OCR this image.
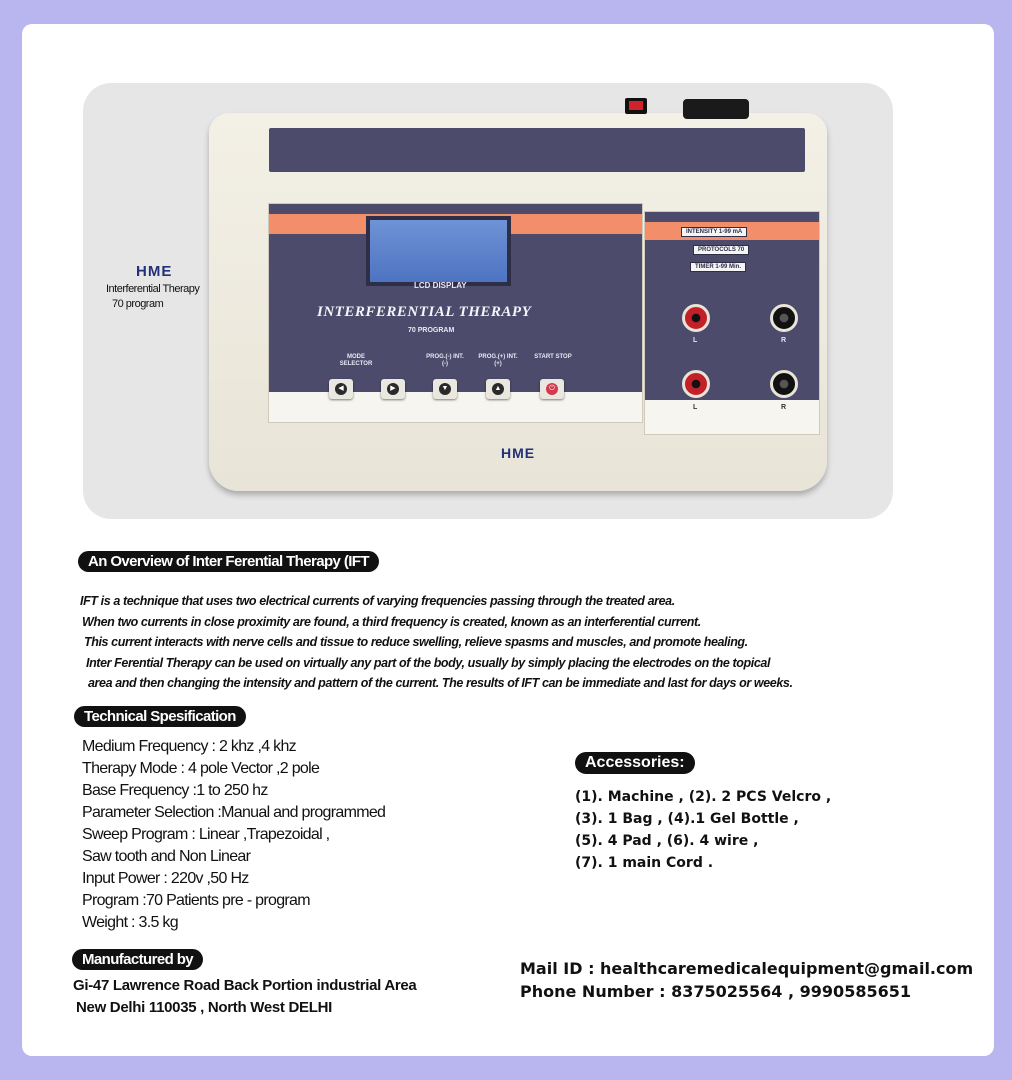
LCD DISPLAY
INTERFERENTIAL THERAPY
70 PROGRAM
MODE SELECTOR
PROG.(-) INT. (-)
PROG.(+) INT. (+)
START STOP
◀	▶	▼	▲	⏻
INTENSITY 1-99 mA
PROTOCOLS 70
TIMER 1-99 Min.
L	R
L	R
HME
HME
Interferential Therapy
70 program
An Overview of Inter Ferential Therapy (IFT
IFT is a technique that uses two electrical currents of varying frequencies passing through the treated area.
When two currents in close proximity are found, a third frequency is created, known as an interferential current.
This current interacts with nerve cells and tissue to reduce swelling, relieve spasms and muscles, and promote healing.
Inter Ferential Therapy can be used on virtually any part of the body, usually by simply placing the electrodes on the topical
area and then changing the intensity and pattern of the current. The results of IFT can be immediate and last for days or weeks.
Technical Spesification
Medium Frequency : 2 khz ,4 khz
Therapy Mode : 4 pole Vector ,2 pole
Base Frequency :1 to 250 hz
Parameter Selection :Manual and programmed
Sweep Program : Linear ,Trapezoidal ,
Saw tooth and Non Linear
Input Power : 220v ,50 Hz
Program :70 Patients pre - program
Weight : 3.5 kg
Accessories:
(1). Machine , (2). 2 PCS Velcro ,
(3). 1 Bag , (4).1 Gel Bottle ,
(5). 4 Pad , (6). 4 wire ,
(7). 1 main Cord .
Manufactured by
Gi-47 Lawrence Road Back Portion industrial Area
New Delhi 110035 , North West DELHI
Mail ID : healthcaremedicalequipment@gmail.com
Phone Number : 8375025564 , 9990585651
